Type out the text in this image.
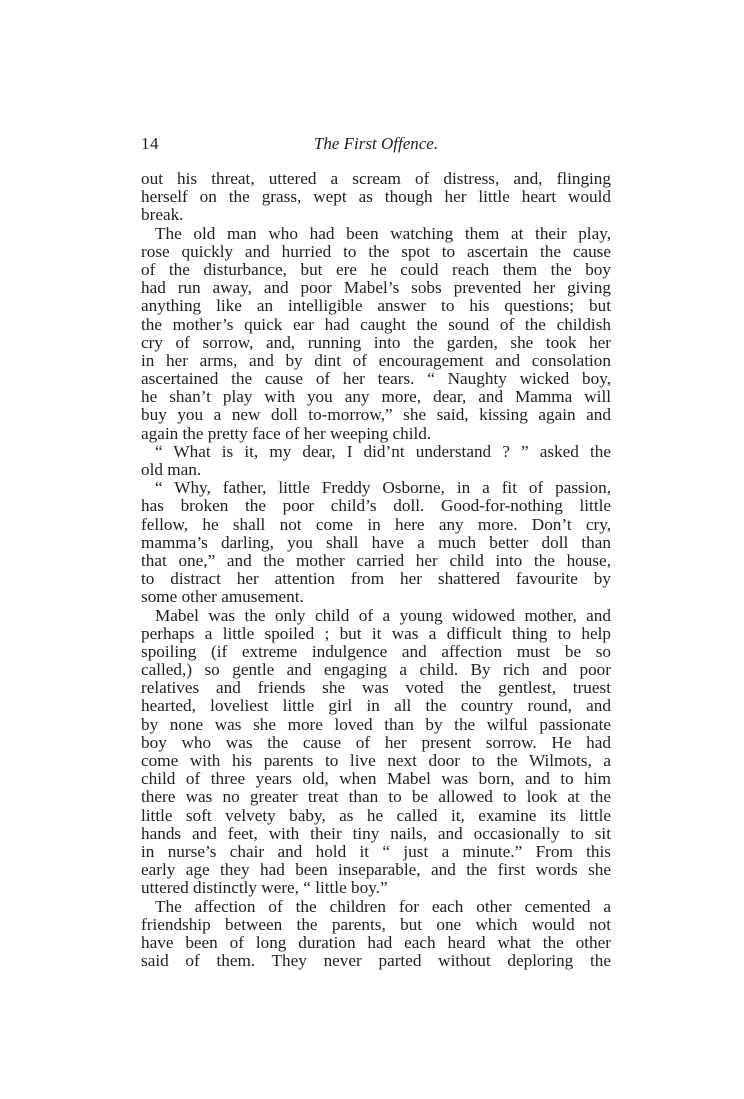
14	The First Offence.
out his threat, uttered a scream of distress, and, flinging
herself on the grass, wept as though her little heart would
break.
The old man who had been watching them at their play,
rose quickly and hurried to the spot to ascertain the cause
of the disturbance, but ere he could reach them the boy
had run away, and poor Mabel’s sobs prevented her giving
anything like an intelligible answer to his questions; but
the mother’s quick ear had caught the sound of the childish
cry of sorrow, and, running into the garden, she took her
in her arms, and by dint of encouragement and consolation
ascertained the cause of her tears. “ Naughty wicked boy,
he shan’t play with you any more, dear, and Mamma will
buy you a new doll to-morrow,” she said, kissing again and
again the pretty face of her weeping child.
“ What is it, my dear, I did’nt understand ? ” asked the
old man.
“ Why, father, little Freddy Osborne, in a fit of passion,
has broken the poor child’s doll. Good-for-nothing little
fellow, he shall not come in here any more. Don’t cry,
mamma’s darling, you shall have a much better doll than
that one,” and the mother carried her child into the house,
to distract her attention from her shattered favourite by
some other amusement.
Mabel was the only child of a young widowed mother, and
perhaps a little spoiled ; but it was a difficult thing to help
spoiling (if extreme indulgence and affection must be so
called,) so gentle and engaging a child. By rich and poor
relatives and friends she was voted the gentlest, truest
hearted, loveliest little girl in all the country round, and
by none was she more loved than by the wilful passionate
boy who was the cause of her present sorrow. He had
come with his parents to live next door to the Wilmots, a
child of three years old, when Mabel was born, and to him
there was no greater treat than to be allowed to look at the
little soft velvety baby, as he called it, examine its little
hands and feet, with their tiny nails, and occasionally to sit
in nurse’s chair and hold it “ just a minute.” From this
early age they had been inseparable, and the first words she
uttered distinctly were, “ little boy.”
The affection of the children for each other cemented a
friendship between the parents, but one which would not
have been of long duration had each heard what the other
said of them. They never parted without deploring the
